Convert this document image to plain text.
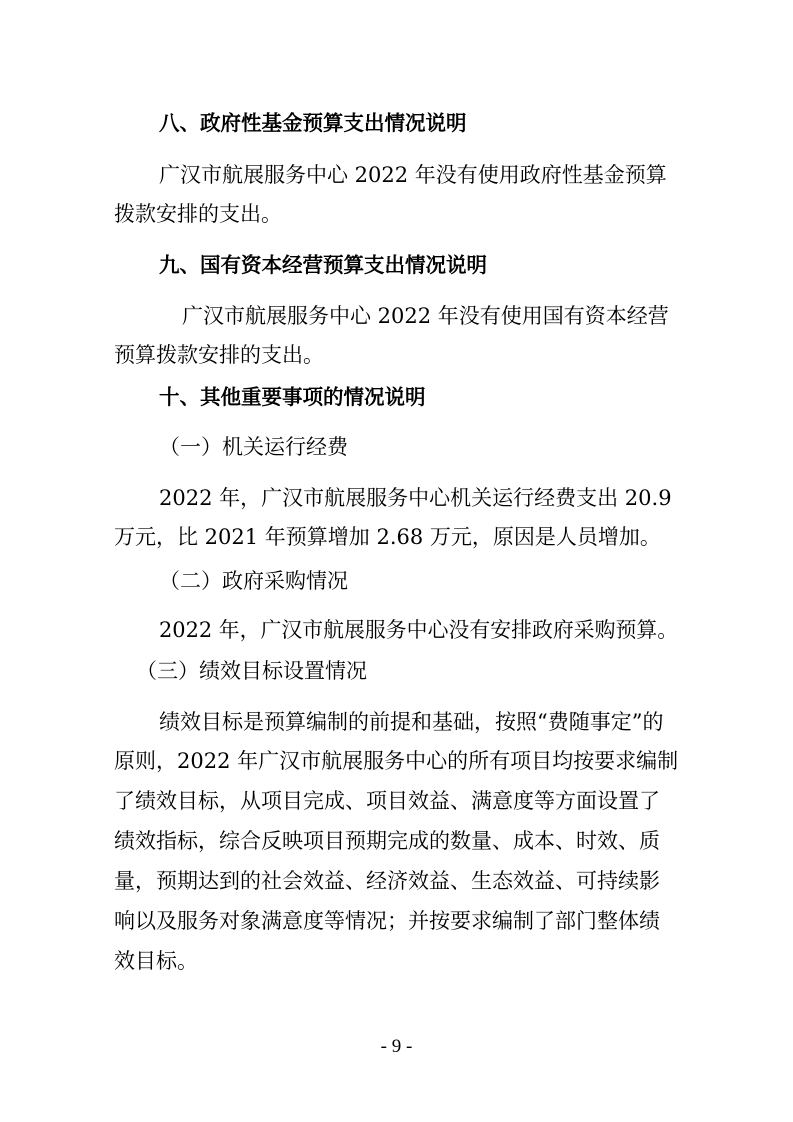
八、政府性基金预算支出情况说明
广汉市航展服务中心 2022 年没有使用政府性基金预算
拨款安排的支出。
九、国有资本经营预算支出情况说明
广汉市航展服务中心 2022 年没有使用国有资本经营
预算拨款安排的支出。
十、其他重要事项的情况说明
（一）机关运行经费
2022 年，广汉市航展服务中心机关运行经费支出 20.9
万元，比 2021 年预算增加 2.68 万元，原因是人员增加。
（二）政府采购情况
2022 年，广汉市航展服务中心没有安排政府采购预算。
（三）绩效目标设置情况
绩效目标是预算编制的前提和基础，按照“费随事定”的
原则，2022 年广汉市航展服务中心的所有项目均按要求编制
了绩效目标，从项目完成、项目效益、满意度等方面设置了
绩效指标，综合反映项目预期完成的数量、成本、时效、质
量，预期达到的社会效益、经济效益、生态效益、可持续影
响以及服务对象满意度等情况；并按要求编制了部门整体绩
效目标。
- 9 -
